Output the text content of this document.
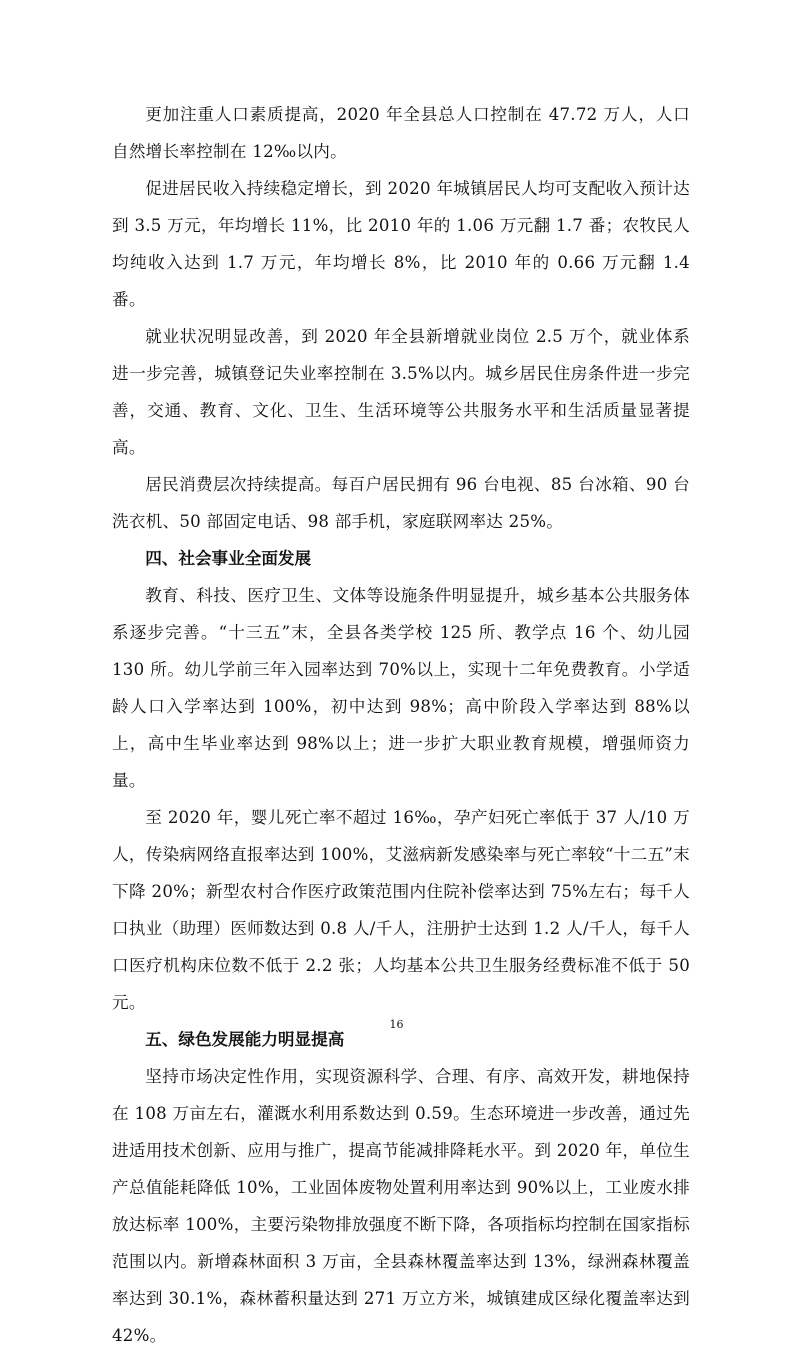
更加注重人口素质提高，2020 年全县总人口控制在 47.72 万人，人口自然增长率控制在 12‰以内。

促进居民收入持续稳定增长，到 2020 年城镇居民人均可支配收入预计达到 3.5 万元，年均增长 11%，比 2010 年的 1.06 万元翻 1.7 番；农牧民人均纯收入达到 1.7 万元，年均增长 8%，比 2010 年的 0.66 万元翻 1.4 番。

就业状况明显改善，到 2020 年全县新增就业岗位 2.5 万个，就业体系进一步完善，城镇登记失业率控制在 3.5%以内。城乡居民住房条件进一步完善，交通、教育、文化、卫生、生活环境等公共服务水平和生活质量显著提高。

居民消费层次持续提高。每百户居民拥有 96 台电视、85 台冰箱、90 台洗衣机、50 部固定电话、98 部手机，家庭联网率达 25%。

四、社会事业全面发展

教育、科技、医疗卫生、文体等设施条件明显提升，城乡基本公共服务体系逐步完善。“十三五”末，全县各类学校 125 所、教学点 16 个、幼儿园 130 所。幼儿学前三年入园率达到 70%以上，实现十二年免费教育。小学适龄人口入学率达到 100%，初中达到 98%；高中阶段入学率达到 88%以上，高中生毕业率达到 98%以上；进一步扩大职业教育规模，增强师资力量。

至 2020 年，婴儿死亡率不超过 16‰，孕产妇死亡率低于 37 人/10 万人，传染病网络直报率达到 100%，艾滋病新发感染率与死亡率较“十二五”末下降 20%；新型农村合作医疗政策范围内住院补偿率达到 75%左右；每千人口执业（助理）医师数达到 0.8 人/千人，注册护士达到 1.2 人/千人，每千人口医疗机构床位数不低于 2.2 张；人均基本公共卫生服务经费标准不低于 50 元。

五、绿色发展能力明显提高

坚持市场决定性作用，实现资源科学、合理、有序、高效开发，耕地保持在 108 万亩左右，灌溉水利用系数达到 0.59。生态环境进一步改善，通过先进适用技术创新、应用与推广，提高节能减排降耗水平。到 2020 年，单位生产总值能耗降低 10%，工业固体废物处置利用率达到 90%以上，工业废水排放达标率 100%，主要污染物排放强度不断下降，各项指标均控制在国家指标范围以内。新增森林面积 3 万亩，全县森林覆盖率达到 13%，绿洲森林覆盖率达到 30.1%，森林蓄积量达到 271 万立方米，城镇建成区绿化覆盖率达到 42%。

16
